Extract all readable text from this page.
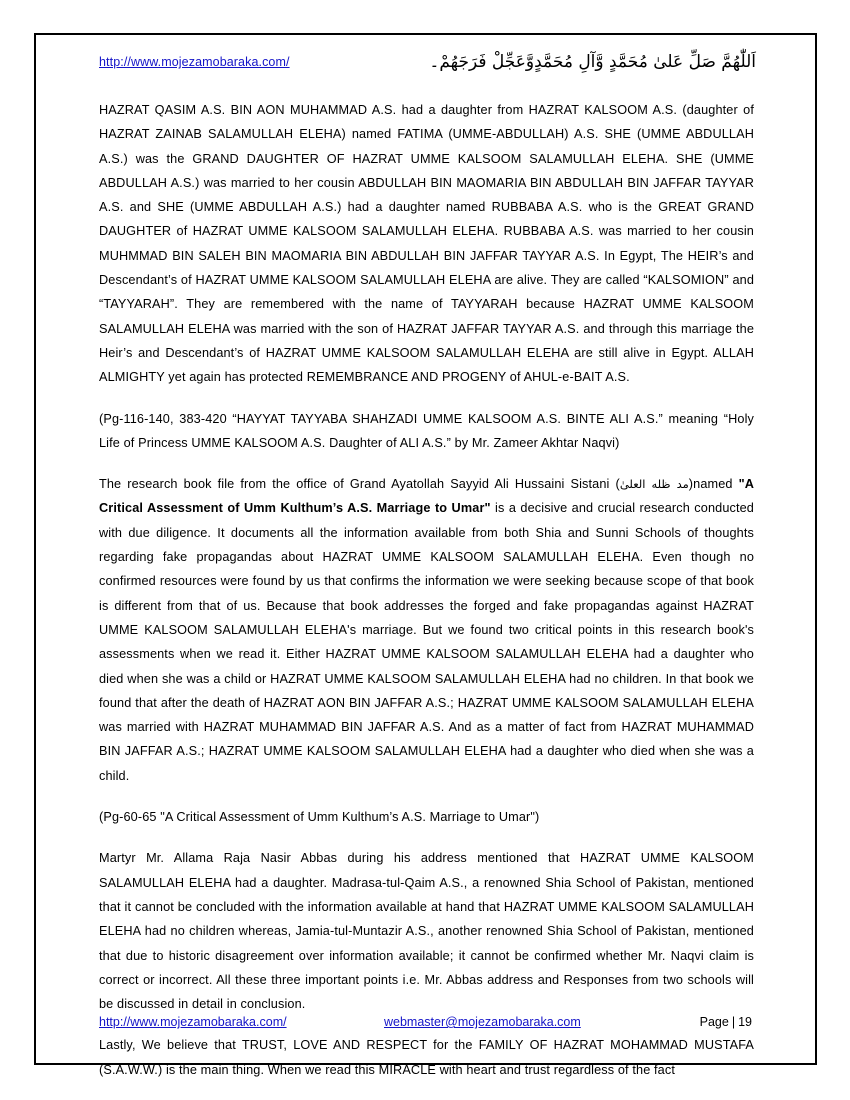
http://www.mojezamobaraka.com/	اَللّٰهُمَّ صَلِّ عَلىٰ مُحَمَّدٍ وَّآلِ مُحَمَّدٍوَّعَجِّلْ فَرَجَهُمْ۔

HAZRAT QASIM A.S. BIN AON MUHAMMAD A.S. had a daughter from HAZRAT KALSOOM A.S. (daughter of HAZRAT ZAINAB SALAMULLAH ELEHA) named FATIMA (UMME-ABDULLAH) A.S. SHE (UMME ABDULLAH A.S.) was the GRAND DAUGHTER OF HAZRAT UMME KALSOOM SALAMULLAH ELEHA. SHE (UMME ABDULLAH A.S.) was married to her cousin ABDULLAH BIN MAOMARIA BIN ABDULLAH BIN JAFFAR TAYYAR A.S. and SHE (UMME ABDULLAH A.S.) had a daughter named RUBBABA A.S. who is the GREAT GRAND DAUGHTER of HAZRAT UMME KALSOOM SALAMULLAH ELEHA. RUBBABA A.S. was married to her cousin MUHMMAD BIN SALEH BIN MAOMARIA BIN ABDULLAH BIN JAFFAR TAYYAR A.S. In Egypt, The HEIR’s and Descendant’s of HAZRAT UMME KALSOOM SALAMULLAH ELEHA are alive. They are called “KALSOMION” and “TAYYARAH”. They are remembered with the name of TAYYARAH because HAZRAT UMME KALSOOM SALAMULLAH ELEHA was married with the son of HAZRAT JAFFAR TAYYAR A.S. and through this marriage the Heir’s and Descendant’s of HAZRAT UMME KALSOOM SALAMULLAH ELEHA are still alive in Egypt. ALLAH ALMIGHTY yet again has protected REMEMBRANCE AND PROGENY of AHUL-e-BAIT A.S.

(Pg-116-140, 383-420 “HAYYAT TAYYABA SHAHZADI UMME KALSOOM A.S. BINTE ALI A.S.” meaning “Holy Life of Princess UMME KALSOOM A.S. Daughter of ALI A.S.” by Mr. Zameer Akhtar Naqvi)

The research book file from the office of Grand Ayatollah Sayyid Ali Hussaini Sistani (مد ظله العلیٰ)named "A Critical Assessment of Umm Kulthum’s A.S. Marriage to Umar" is a decisive and crucial research conducted with due diligence. It documents all the information available from both Shia and Sunni Schools of thoughts regarding fake propagandas about HAZRAT UMME KALSOOM SALAMULLAH ELEHA. Even though no confirmed resources were found by us that confirms the information we were seeking because scope of that book is different from that of us. Because that book addresses the forged and fake propagandas against HAZRAT UMME KALSOOM SALAMULLAH ELEHA's marriage. But we found two critical points in this research book's assessments when we read it. Either HAZRAT UMME KALSOOM SALAMULLAH ELEHA had a daughter who died when she was a child or HAZRAT UMME KALSOOM SALAMULLAH ELEHA had no children. In that book we found that after the death of HAZRAT AON BIN JAFFAR A.S.; HAZRAT UMME KALSOOM SALAMULLAH ELEHA was married with HAZRAT MUHAMMAD BIN JAFFAR A.S. And as a matter of fact from HAZRAT MUHAMMAD BIN JAFFAR A.S.; HAZRAT UMME KALSOOM SALAMULLAH ELEHA had a daughter who died when she was a child.

(Pg-60-65 "A Critical Assessment of Umm Kulthum’s A.S. Marriage to Umar")

Martyr Mr. Allama Raja Nasir Abbas during his address mentioned that HAZRAT UMME KALSOOM SALAMULLAH ELEHA had a daughter. Madrasa-tul-Qaim A.S., a renowned Shia School of Pakistan, mentioned that it cannot be concluded with the information available at hand that HAZRAT UMME KALSOOM SALAMULLAH ELEHA had no children whereas, Jamia-tul-Muntazir A.S., another renowned Shia School of Pakistan, mentioned that due to historic disagreement over information available; it cannot be confirmed whether Mr. Naqvi claim is correct or incorrect. All these three important points i.e. Mr. Abbas address and Responses from two schools will be discussed in detail in conclusion.

Lastly, We believe that TRUST, LOVE AND RESPECT for the FAMILY OF HAZRAT MOHAMMAD MUSTAFA (S.A.W.W.) is the main thing. When we read this MIRACLE with heart and trust regardless of the fact

http://www.mojezamobaraka.com/	webmaster@mojezamobaraka.com	Page | 19
